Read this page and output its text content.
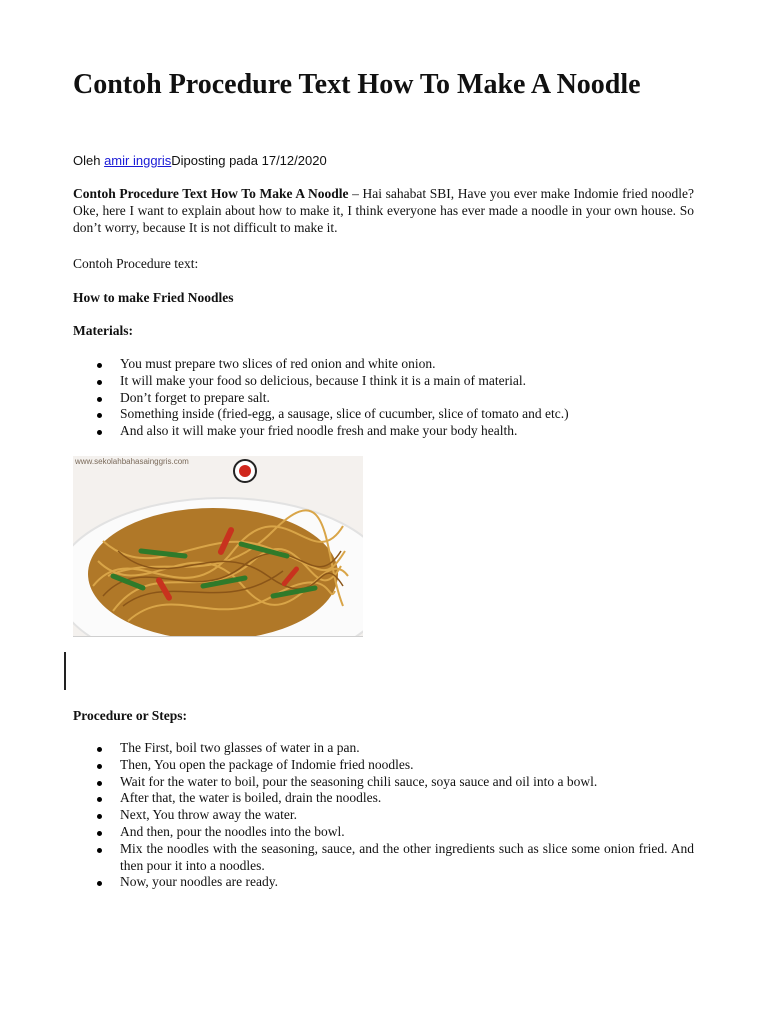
Contoh Procedure Text How To Make A Noodle
Oleh amir inggrisDiposting pada 17/12/2020

Contoh Procedure Text How To Make A Noodle – Hai sahabat SBI, Have you ever make Indomie fried noodle? Oke, here I want to explain about how to make it, I think everyone has ever made a noodle in your own house. So don’t worry, because It is not difficult to make it.

Contoh Procedure text:

How to make Fried Noodles

Materials:

You must prepare two slices of red onion and white onion.
It will make your food so delicious, because I think it is a main of material.
Don’t forget to prepare salt.
Something inside (fried-egg, a sausage, slice of cucumber, slice of tomato and etc.)
And also it will make your fried noodle fresh and make your body health.
www.sekolahbahasainggris.com

Procedure or Steps:

The First, boil two glasses of water in a pan.
Then, You open the package of Indomie fried noodles.
Wait for the water to boil, pour the seasoning chili sauce, soya sauce and oil into a bowl.
After that, the water is boiled, drain the noodles.
Next, You throw away the water.
And then, pour the noodles into the bowl.
Mix the noodles with the seasoning, sauce, and the other ingredients such as slice some onion fried. And then pour it into a noodles.
Now, your noodles are ready.
